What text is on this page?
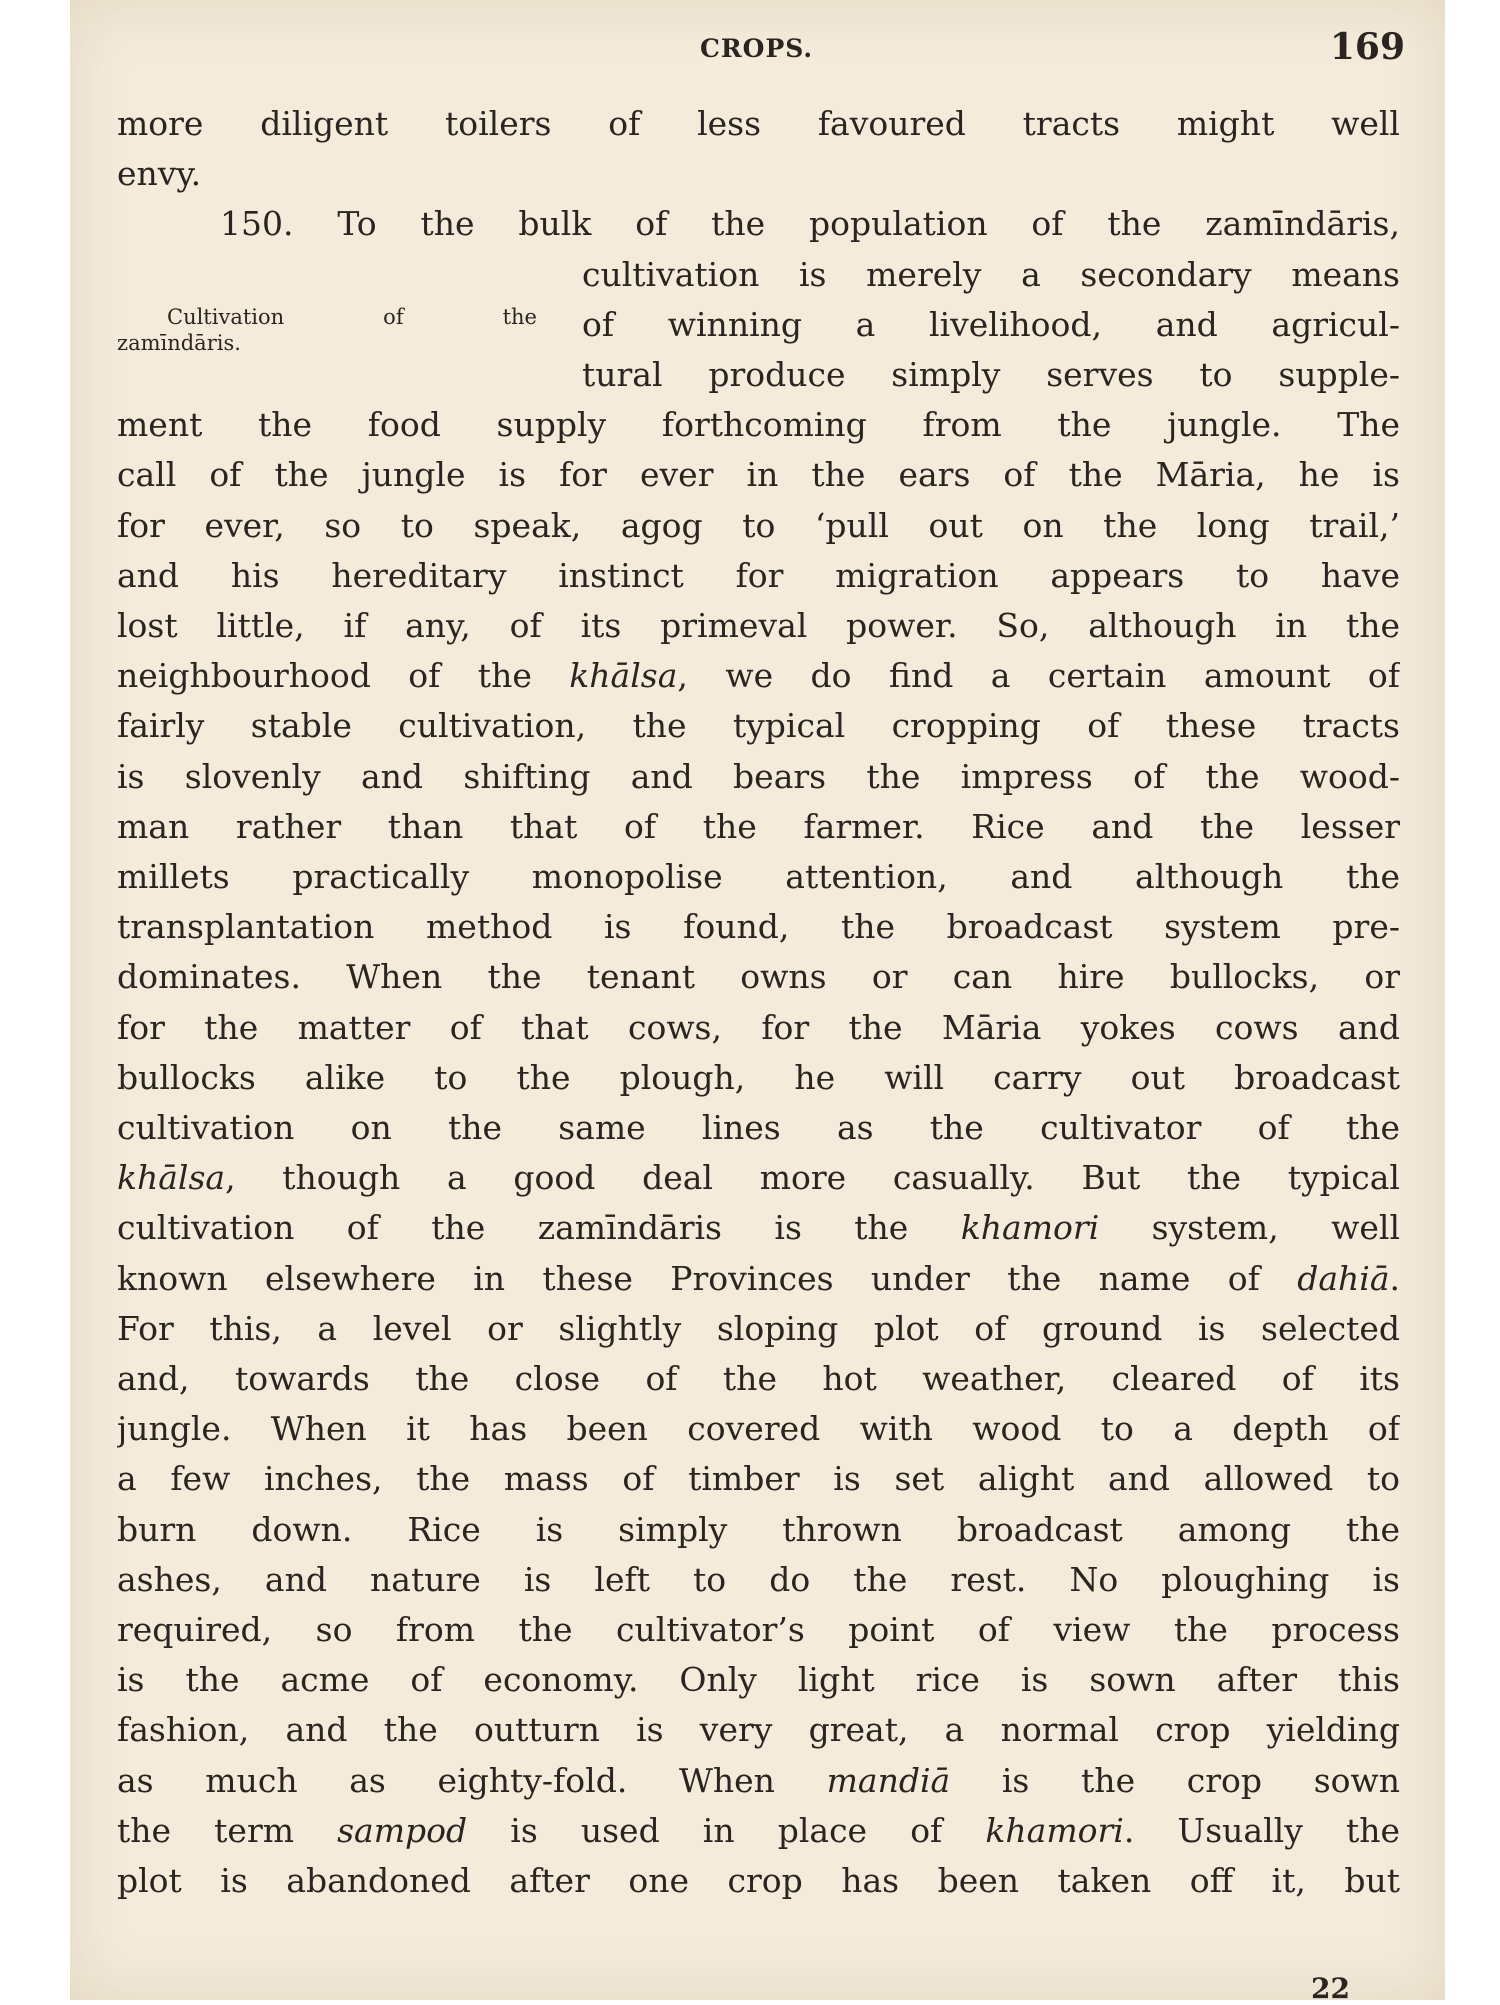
CROPS.	169
Cultivation of the
zamīndāris.
more diligent toilers of less favoured tracts might well
envy.
150. To the bulk of the population of the zamīndāris,
cultivation is merely a secondary means
of winning a livelihood, and agricul-
tural produce simply serves to supple-
ment the food supply forthcoming from the jungle. The
call of the jungle is for ever in the ears of the Māria, he is
for ever, so to speak, agog to ‘pull out on the long trail,’
and his hereditary instinct for migration appears to have
lost little, if any, of its primeval power. So, although in the
neighbourhood of the khālsa, we do find a certain amount of
fairly stable cultivation, the typical cropping of these tracts
is slovenly and shifting and bears the impress of the wood-
man rather than that of the farmer. Rice and the lesser
millets practically monopolise attention, and although the
transplantation method is found, the broadcast system pre-
dominates. When the tenant owns or can hire bullocks, or
for the matter of that cows, for the Māria yokes cows and
bullocks alike to the plough, he will carry out broadcast
cultivation on the same lines as the cultivator of the
khālsa, though a good deal more casually. But the typical
cultivation of the zamīndāris is the khamori system, well
known elsewhere in these Provinces under the name of dahiā.
For this, a level or slightly sloping plot of ground is selected
and, towards the close of the hot weather, cleared of its
jungle. When it has been covered with wood to a depth of
a few inches, the mass of timber is set alight and allowed to
burn down. Rice is simply thrown broadcast among the
ashes, and nature is left to do the rest. No ploughing is
required, so from the cultivator’s point of view the process
is the acme of economy. Only light rice is sown after this
fashion, and the outturn is very great, a normal crop yielding
as much as eighty-fold. When mandiā is the crop sown
the term sampod is used in place of khamori. Usually the
plot is abandoned after one crop has been taken off it, but
22
